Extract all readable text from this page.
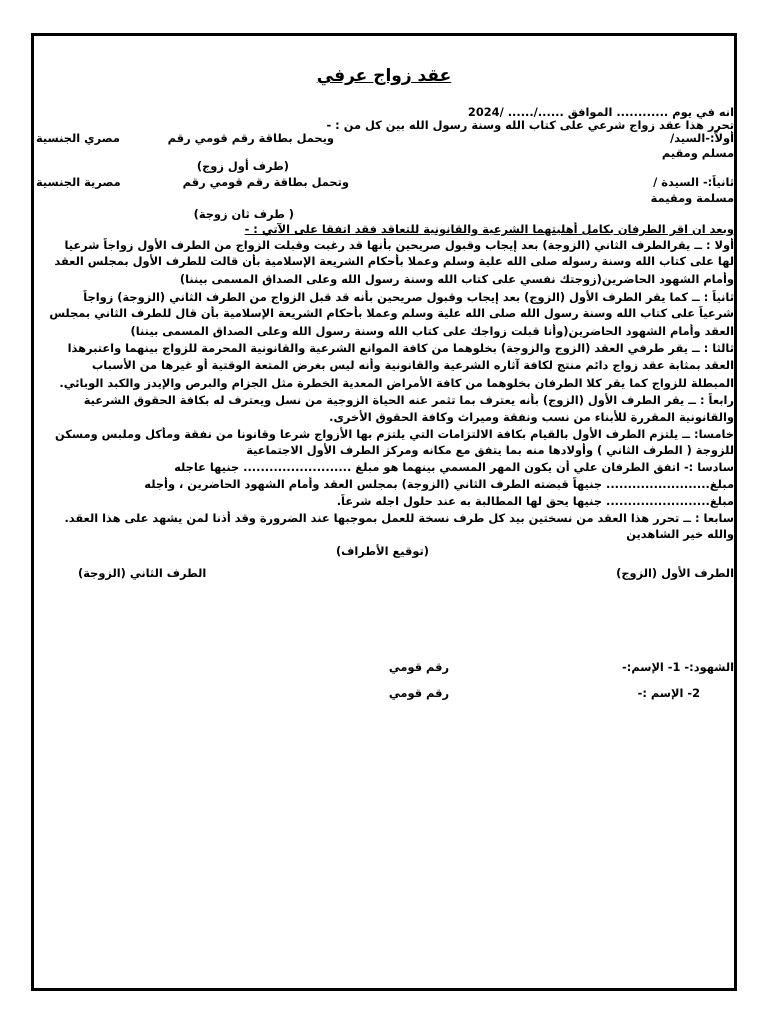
عقد زواج عرفي
انه في يوم ............ الموافق ....../...... /2024
تحرر هذا عقد زواج شرعي على كتاب الله وسنة رسول الله بين كل من : -
أولاً:-السيد/
ويحمل بطاقة رقم قومي رقم
مصري الجنسية
مسلم ومقيم
(طرف أول زوج)
ثانياً:- السيدة /
وتحمل بطاقة رقم قومي رقم
مصرية الجنسية
مسلمة ومقيمة
( طرف ثان زوجة)
وبعد ان اقر الطرفان بكامل أهليتهما الشرعية والقانونية للتعاقد فقد اتفقا على الآتي : -
أولا : ــ يقرالطرف الثاني (الزوجة) بعد إيجاب وقبول صريحين بأنها قد رغبت وقبلت الزواج من الطرف الأول زواجاً شرعيا
لها على كتاب الله وسنة رسوله صلى الله علية وسلم وعملا بأحكام الشريعة الإسلامية بأن قالت للطرف الأول بمجلس العقد
وأمام الشهود الحاضرين(زوجتك نفسي على كتاب الله وسنة رسول الله وعلى الصداق المسمى بيننا)
ثانياً : ــ كما يقر الطرف الأول (الزوج) بعد إيجاب وقبول صريحين بأنه قد قبل الزواج من الطرف الثاني (الزوجة) زواجاً
شرعياً على كتاب الله وسنة رسول الله صلى الله علية وسلم وعملا بأحكام الشريعة الإسلامية بأن قال للطرف الثاني بمجلس
العقد وأمام الشهود الحاضرين(وأنا قبلت زواجك على كتاب الله وسنة رسول الله وعلى الصداق المسمى بيننا)
ثالثا : ــ يقر طرفي العقد (الزوج والزوجة) بخلوهما من كافة الموانع الشرعية والقانونية المحرمة للزواج بينهما واعتبرهذا
العقد بمثابة عقد زواج دائم منتج لكافة آثاره الشرعية والقانونية وأنه ليس بغرض المتعة الوقتية أو غيرها من الأسباب
المبطلة للزواج كما يقر كلا الطرفان بخلوهما من كافة الأمراض المعدية الخطرة مثل الجزام والبرص والإيدز والكبد الوبائي.
رابعاً : ــ يقر الطرف الأول (الزوج) بأنه يعترف بما تثمر عنه الحياة الزوجية من نسل ويعترف له بكافة الحقوق الشرعية
والقانونية المقررة للأبناء من نسب ونفقة وميراث وكافة الحقوق الأخرى.
خامسا: ــ يلتزم الطرف الأول بالقيام بكافة الالتزامات التي يلتزم بها الأزواج شرعا وقانونا من نفقة ومأكل وملبس ومسكن
للزوجة ( الطرف الثاني ) وأولادها منه بما يتفق مع مكانه ومركز الطرف الأول الاجتماعية
سادسا :- اتفق الطرفان علي أن يكون المهر المسمي بينهما هو مبلغ ......................... جنيها عاجله
مبلغ........................ جنيهاً قبضته الطرف الثاني (الزوجة) بمجلس العقد وأمام الشهود الحاضرين ، وأجله
مبلغ........................ جنيها يحق لها المطالبة به عند حلول اجله شرعاً.
سابعا : ــ تحرر هذا العقد من نسختين بيد كل طرف نسخة للعمل بموجبها عند الضرورة وقد أذنا لمن يشهد على هذا العقد.
والله خير الشاهدين
(توقيع الأطراف)
الطرف الأول (الزوج)
الطرف الثاني (الزوجة)
الشهود:- 1- الإسم:-
رقم قومي
2- الإسم :-
رقم قومي
